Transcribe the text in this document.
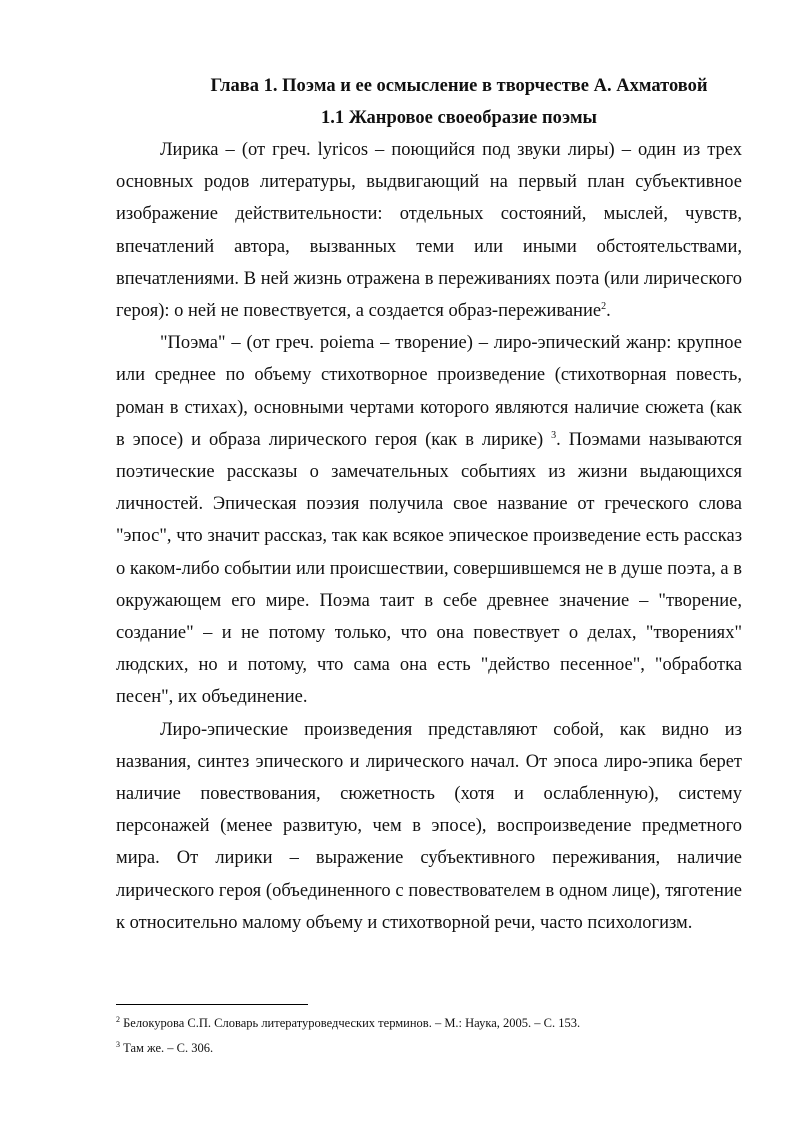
Глава 1. Поэма и ее осмысление в творчестве А. Ахматовой
1.1 Жанровое своеобразие поэмы

Лирика – (от греч. lyricos – поющийся под звуки лиры) – один из трех основных родов литературы, выдвигающий на первый план субъективное изображение действительности: отдельных состояний, мыслей, чувств, впечатлений автора, вызванных теми или иными обстоятельствами, впечатлениями. В ней жизнь отражена в переживаниях поэта (или лирического героя): о ней не повествуется, а создается образ-переживание$^2$.

"Поэма" – (от греч. poiema – творение) – лиро-эпический жанр: крупное или среднее по объему стихотворное произведение (стихотворная повесть, роман в стихах), основными чертами которого являются наличие сюжета (как в эпосе) и образа лирического героя (как в лирике) $^3$. Поэмами называются поэтические рассказы о замечательных событиях из жизни выдающихся личностей. Эпическая поэзия получила свое название от греческого слова "эпос", что значит рассказ, так как всякое эпическое произведение есть рассказ о каком-либо событии или происшествии, совершившемся не в душе поэта, а в окружающем его мире. Поэма таит в себе древнее значение – "творение, создание" – и не потому только, что она повествует о делах, "творениях" людских, но и потому, что сама она есть "действо песенное", "обработка песен", их объединение.

Лиро-эпические произведения представляют собой, как видно из названия, синтез эпического и лирического начал. От эпоса лиро-эпика берет наличие повествования, сюжетность (хотя и ослабленную), систему персонажей (менее развитую, чем в эпосе), воспроизведение предметного мира. От лирики – выражение субъективного переживания, наличие лирического героя (объединенного с повествователем в одном лице), тяготение к относительно малому объему и стихотворной речи, часто психологизм.

$^2$ Белокурова С.П. Словарь литературоведческих терминов. – М.: Наука, 2005. – С. 153.

$^3$ Там же. – С. 306.
